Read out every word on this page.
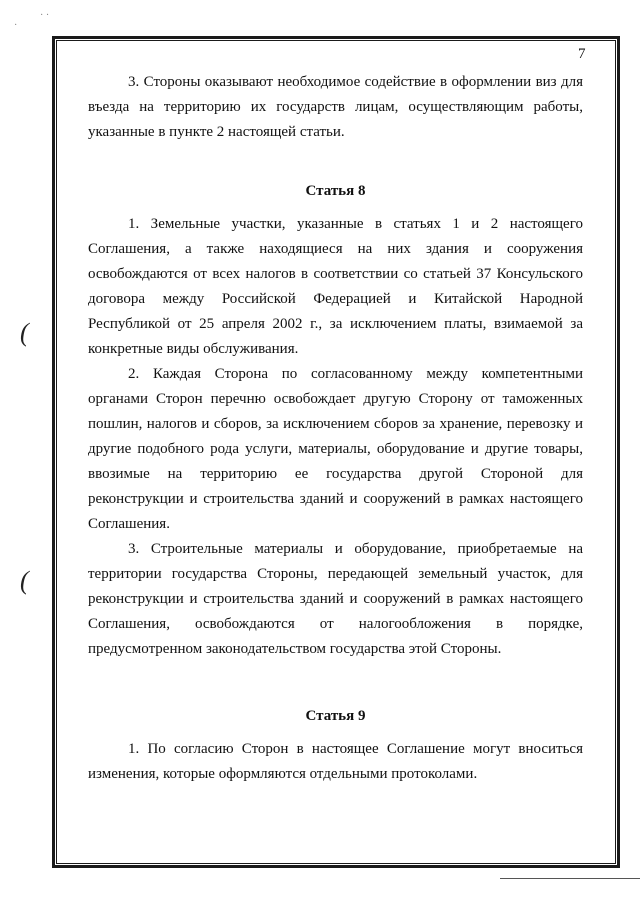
·
· ·
7
(
(

3. Стороны оказывают необходимое содействие в оформлении виз для въезда на территорию их государств лицам, осуществляющим работы, указанные в пункте 2 настоящей статьи.

Статья 8

1. Земельные участки, указанные в статьях 1 и 2 настоящего Соглашения, а также находящиеся на них здания и сооружения освобождаются от всех налогов в соответствии со статьей 37 Консульского договора между Российской Федерацией и Китайской Народной Республикой от 25 апреля 2002 г., за исключением платы, взимаемой за конкретные виды обслуживания.

2. Каждая Сторона по согласованному между компетентными органами Сторон перечню освобождает другую Сторону от таможенных пошлин, налогов и сборов, за исключением сборов за хранение, перевозку и другие подобного рода услуги, материалы, оборудование и другие товары, ввозимые на территорию ее государства другой Стороной для реконструкции и строительства зданий и сооружений в рамках настоящего Соглашения.

3. Строительные материалы и оборудование, приобретаемые на территории государства Стороны, передающей земельный участок, для реконструкции и строительства зданий и сооружений в рамках настоящего Соглашения, освобождаются от налогообложения в порядке, предусмотренном законодательством государства этой Стороны.

Статья 9

1. По согласию Сторон в настоящее Соглашение могут вноситься изменения, которые оформляются отдельными протоколами.
